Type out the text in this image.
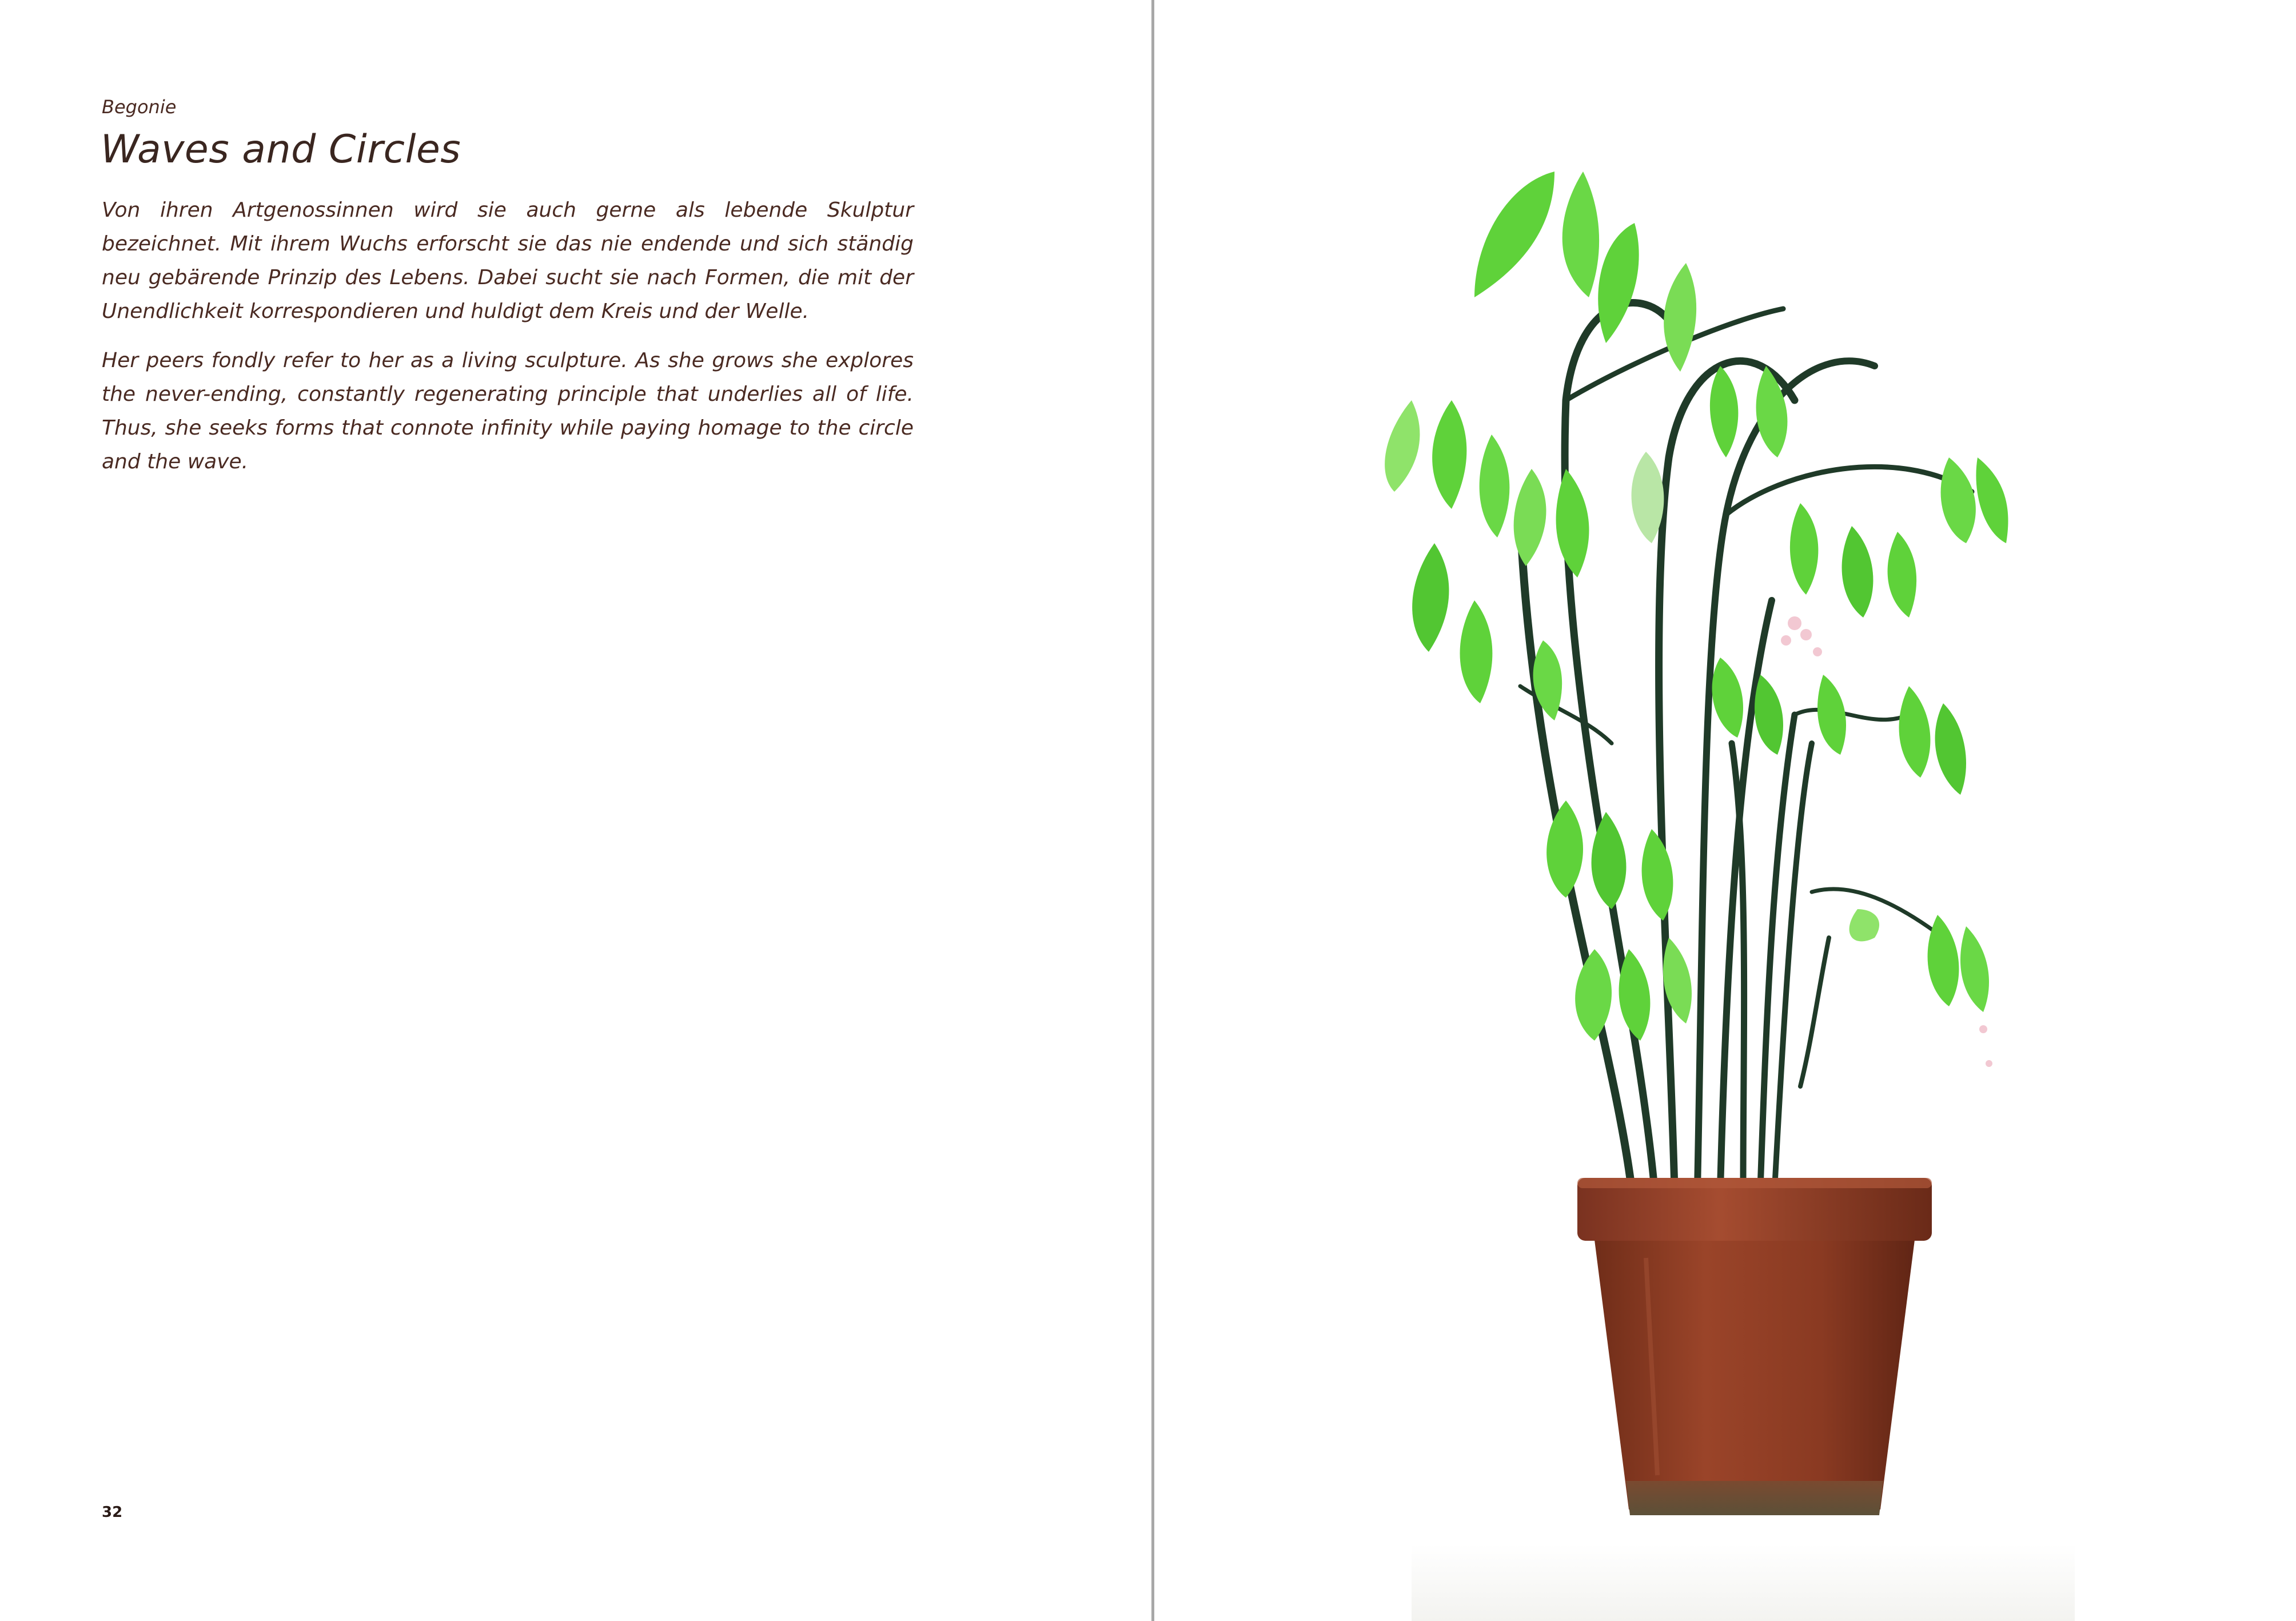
Begonie
Waves and Circles

Von ihren Artgenossinnen wird sie auch gerne als lebende Skulptur bezeichnet. Mit ihrem Wuchs erforscht sie das nie endende und sich ständig neu gebärende Prinzip des Lebens. Dabei sucht sie nach Formen, die mit der Unendlichkeit korrespondieren und huldigt dem Kreis und der Welle.

Her peers fondly refer to her as a living sculpture. As she grows she explores the never-ending, constantly regenerating principle that underlies all of life. Thus, she seeks forms that connote infinity while paying homage to the circle and the wave.

32
